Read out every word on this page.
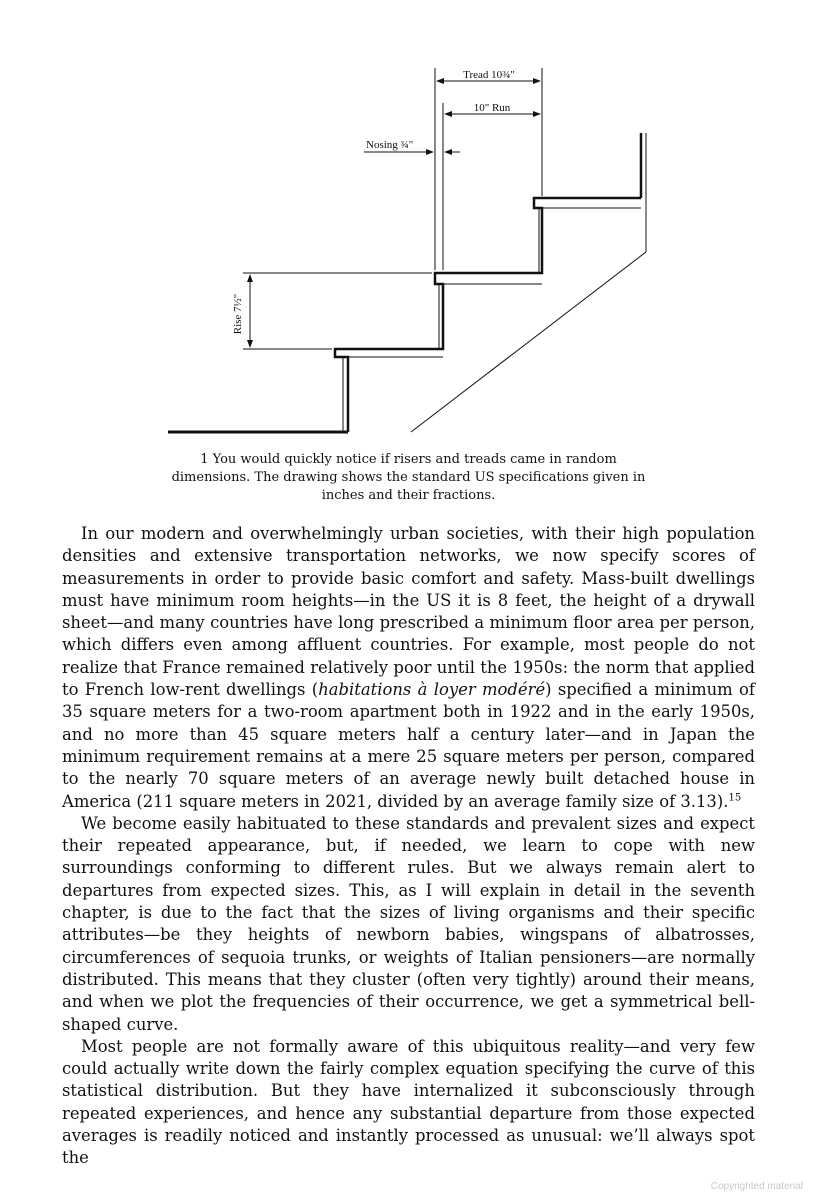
Tread 10¾"
10" Run
Nosing ¾"
Rise 7½"
1 You would quickly notice if risers and treads came in random dimensions. The drawing shows the standard US specifications given in inches and their fractions.

In our modern and overwhelmingly urban societies, with their high population densities and extensive transportation networks, we now specify scores of measurements in order to provide basic comfort and safety. Mass-built dwellings must have minimum room heights—in the US it is 8 feet, the height of a drywall sheet—and many countries have long prescribed a minimum floor area per person, which differs even among affluent countries. For example, most people do not realize that France remained relatively poor until the 1950s: the norm that applied to French low-rent dwellings (habitations à loyer modéré) specified a minimum of 35 square meters for a two-room apartment both in 1922 and in the early 1950s, and no more than 45 square meters half a century later—and in Japan the minimum requirement remains at a mere 25 square meters per person, compared to the nearly 70 square meters of an average newly built detached house in America (211 square meters in 2021, divided by an average family size of 3.13).$^{15}$

We become easily habituated to these standards and prevalent sizes and expect their repeated appearance, but, if needed, we learn to cope with new surroundings conforming to different rules. But we always remain alert to departures from expected sizes. This, as I will explain in detail in the seventh chapter, is due to the fact that the sizes of living organisms and their specific attributes—be they heights of newborn babies, wingspans of albatrosses, circumferences of sequoia trunks, or weights of Italian pensioners—are normally distributed. This means that they cluster (often very tightly) around their means, and when we plot the frequencies of their occurrence, we get a symmetrical bell-shaped curve.

Most people are not formally aware of this ubiquitous reality—and very few could actually write down the fairly complex equation specifying the curve of this statistical distribution. But they have internalized it subconsciously through repeated experiences, and hence any substantial departure from those expected averages is readily noticed and instantly processed as unusual: we’ll always spot the

Copyrighted material
